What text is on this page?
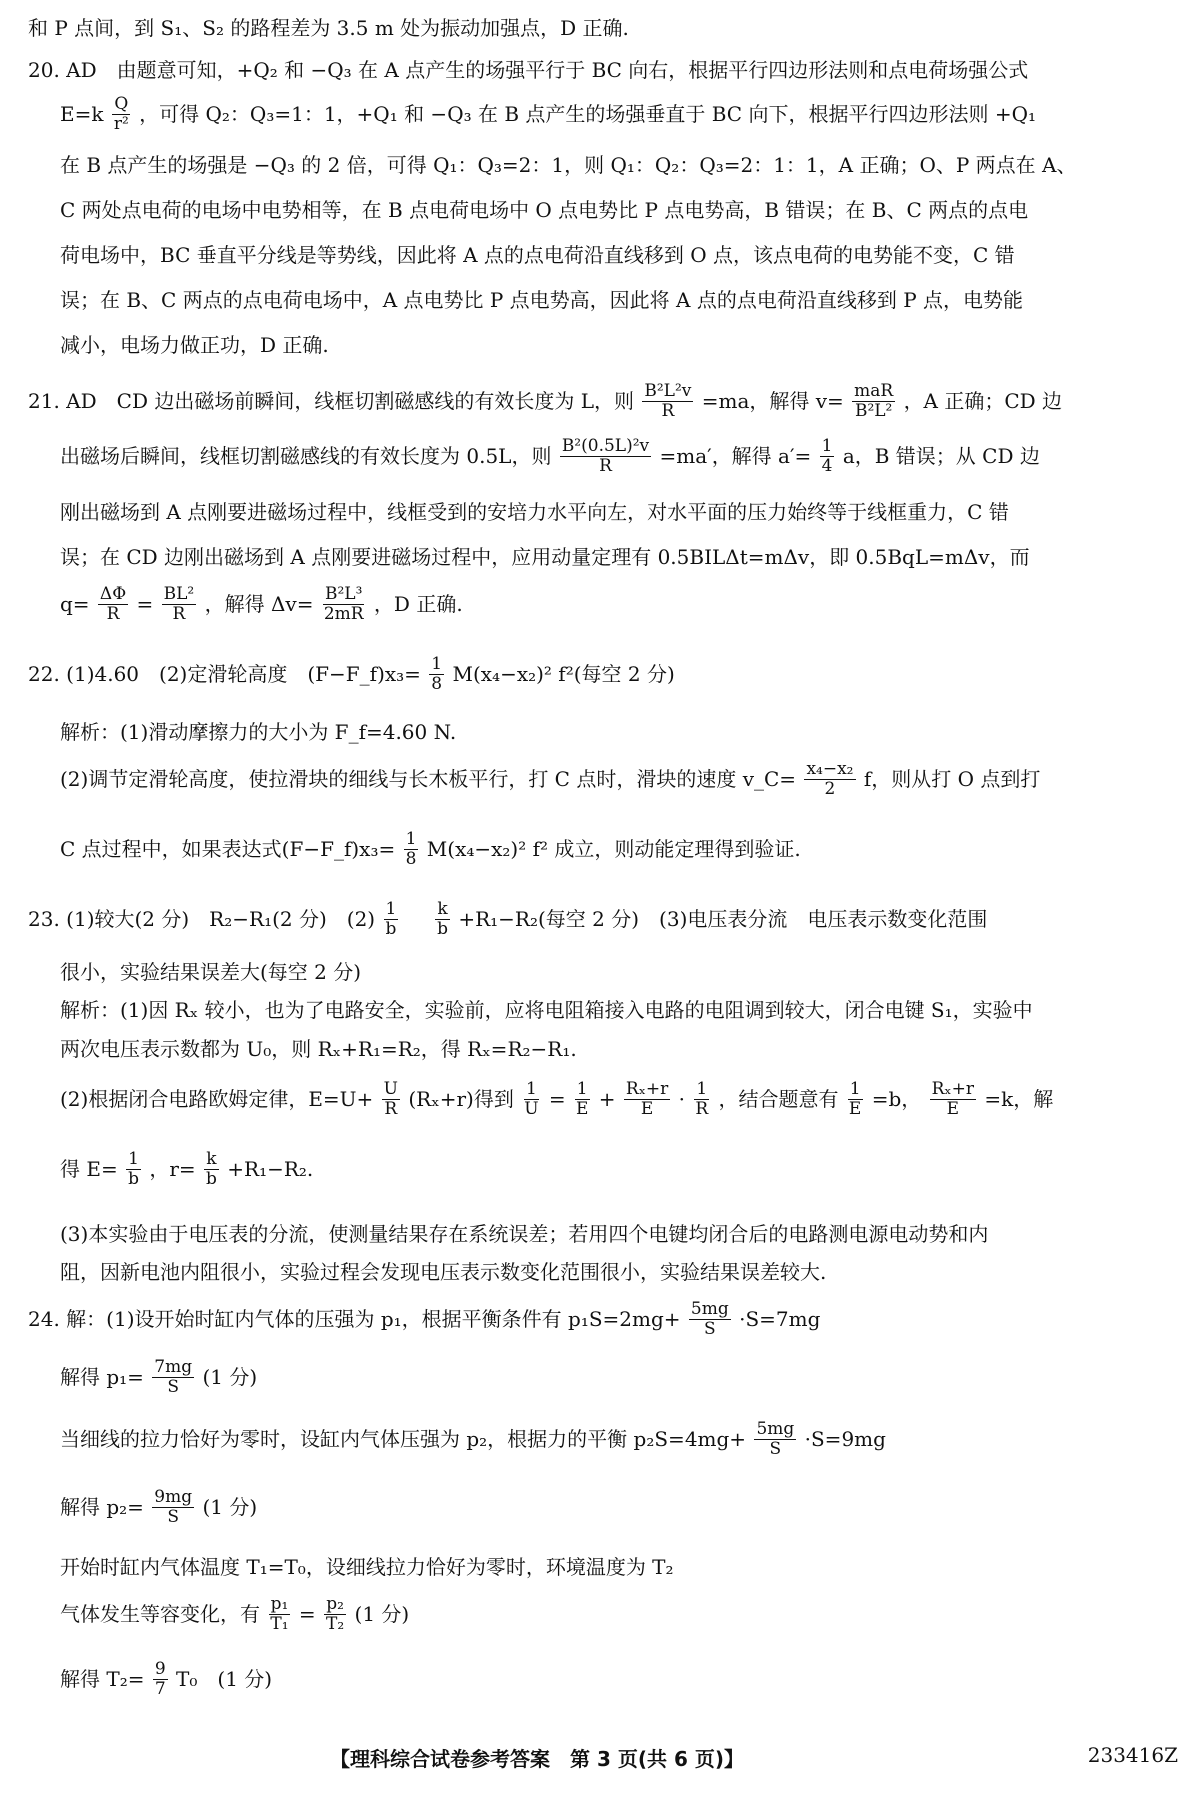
和 P 点间，到 S₁、S₂ 的路程差为 3.5 m 处为振动加强点，D 正确.
20. AD　由题意可知，+Q₂ 和 −Q₃ 在 A 点产生的场强平行于 BC 向右，根据平行四边形法则和点电荷场强公式
$E=k \frac{Q}{\text{r²}}$ ，可得 Q₂：Q₃=1：1，+Q₁ 和 −Q₃ 在 B 点产生的场强垂直于 BC 向下，根据平行四边形法则 +Q₁
在 B 点产生的场强是 −Q₃ 的 2 倍，可得 Q₁：Q₃=2：1，则 Q₁：Q₂：Q₃=2：1：1，A 正确；O、P 两点在 A、
C 两处点电荷的电场中电势相等，在 B 点电荷电场中 O 点电势比 P 点电势高，B 错误；在 B、C 两点的点电
荷电场中，BC 垂直平分线是等势线，因此将 A 点的点电荷沿直线移到 O 点，该点电荷的电势能不变，C 错
误；在 B、C 两点的点电荷电场中，A 点电势比 P 点电势高，因此将 A 点的点电荷沿直线移到 P 点，电势能
减小，电场力做正功，D 正确.
21. AD　CD 边出磁场前瞬间，线框切割磁感线的有效长度为 L，则 $\frac{\text{B²L²v}}{R} =ma$，解得 $v= \frac{\text{maR}}{\text{B²L²}}$ ，A 正确；CD 边
出磁场后瞬间，线框切割磁感线的有效长度为 0.5L，则 $\frac{\text{B²(0.5L)²v}}{R} =ma'$，解得 $a'= \frac{1}{4}$ a，B 错误；从 CD 边
刚出磁场到 A 点刚要进磁场过程中，线框受到的安培力水平向左，对水平面的压力始终等于线框重力，C 错
误；在 CD 边刚出磁场到 A 点刚要进磁场过程中，应用动量定理有 0.5BILΔt=mΔv，即 0.5BqL=mΔv，而
$q= \frac{\Delta\Phi}{R} = \frac{\text{BL²}}{R}$ ，解得 $\Delta v= \frac{\text{B²L³}}{2mR}$ ，D 正确.
22. (1)4.60　(2)定滑轮高度　(F−F_f)x₃= $\frac{1}{8} M(x_4-x_2)^2$ f²(每空 2 分)
解析：(1)滑动摩擦力的大小为 F_f=4.60 N.
(2)调节定滑轮高度，使拉滑块的细线与长木板平行，打 C 点时，滑块的速度 v_C= $\frac{\text{x₄−x₂}}{2}$ f，则从打 O 点到打
C 点过程中，如果表达式(F−F_f)x₃= $\frac{1}{8} M(x_4-x_2)^2$ f² 成立，则动能定理得到验证.
23. (1)较大(2 分)　R₂−R₁(2 分)　$(2) \frac{1}{b}$
  $\frac{k}{b} +R_1-R_2$(每空 2 分)　(3)电压表分流　电压表示数变化范围
很小，实验结果误差大(每空 2 分)
解析：(1)因 Rₓ 较小，也为了电路安全，实验前，应将电阻箱接入电路的电阻调到较大，闭合电键 S₁，实验中
两次电压表示数都为 U₀，则 Rₓ+R₁=R₂，得 Rₓ=R₂−R₁.
(2)根据闭合电路欧姆定律，$E=U+ \frac{U}{R} (R_x+r)$得到 $\frac{1}{U} = \frac{1}{E} + \frac{\text{Rₓ+r}}{E} \cdot \frac{1}{R}$ ，结合题意有 $\frac{1}{E} =b$， $\frac{\text{Rₓ+r}}{E} =k$，解
得 $E= \frac{1}{b}$ ，$r= \frac{k}{b} +R_1-R_2$.
(3)本实验由于电压表的分流，使测量结果存在系统误差；若用四个电键均闭合后的电路测电源电动势和内
阻，因新电池内阻很小，实验过程会发现电压表示数变化范围很小，实验结果误差较大.
24. 解：(1)设开始时缸内气体的压强为 p₁，根据平衡条件有 $p_1S=2mg+ \frac{5mg}{S} \cdot S=7mg$
解得 $p_1= \frac{7mg}{S} (1$ 分)
当细线的拉力恰好为零时，设缸内气体压强为 p₂，根据力的平衡 $p_2S=4mg+ \frac{5mg}{S} \cdot S=9mg$
解得 $p_2= \frac{9mg}{S} (1$ 分)
开始时缸内气体温度 T₁=T₀，设细线拉力恰好为零时，环境温度为 T₂
气体发生等容变化，有 $\frac{\text{p₁}}{\text{T₁}} = \frac{\text{p₂}}{\text{T₂}} (1$ 分)
解得 $T_2= \frac{9}{7} T_0$　(1 分)
【理科综合试卷参考答案　第 3 页(共 6 页)】	233416Z
